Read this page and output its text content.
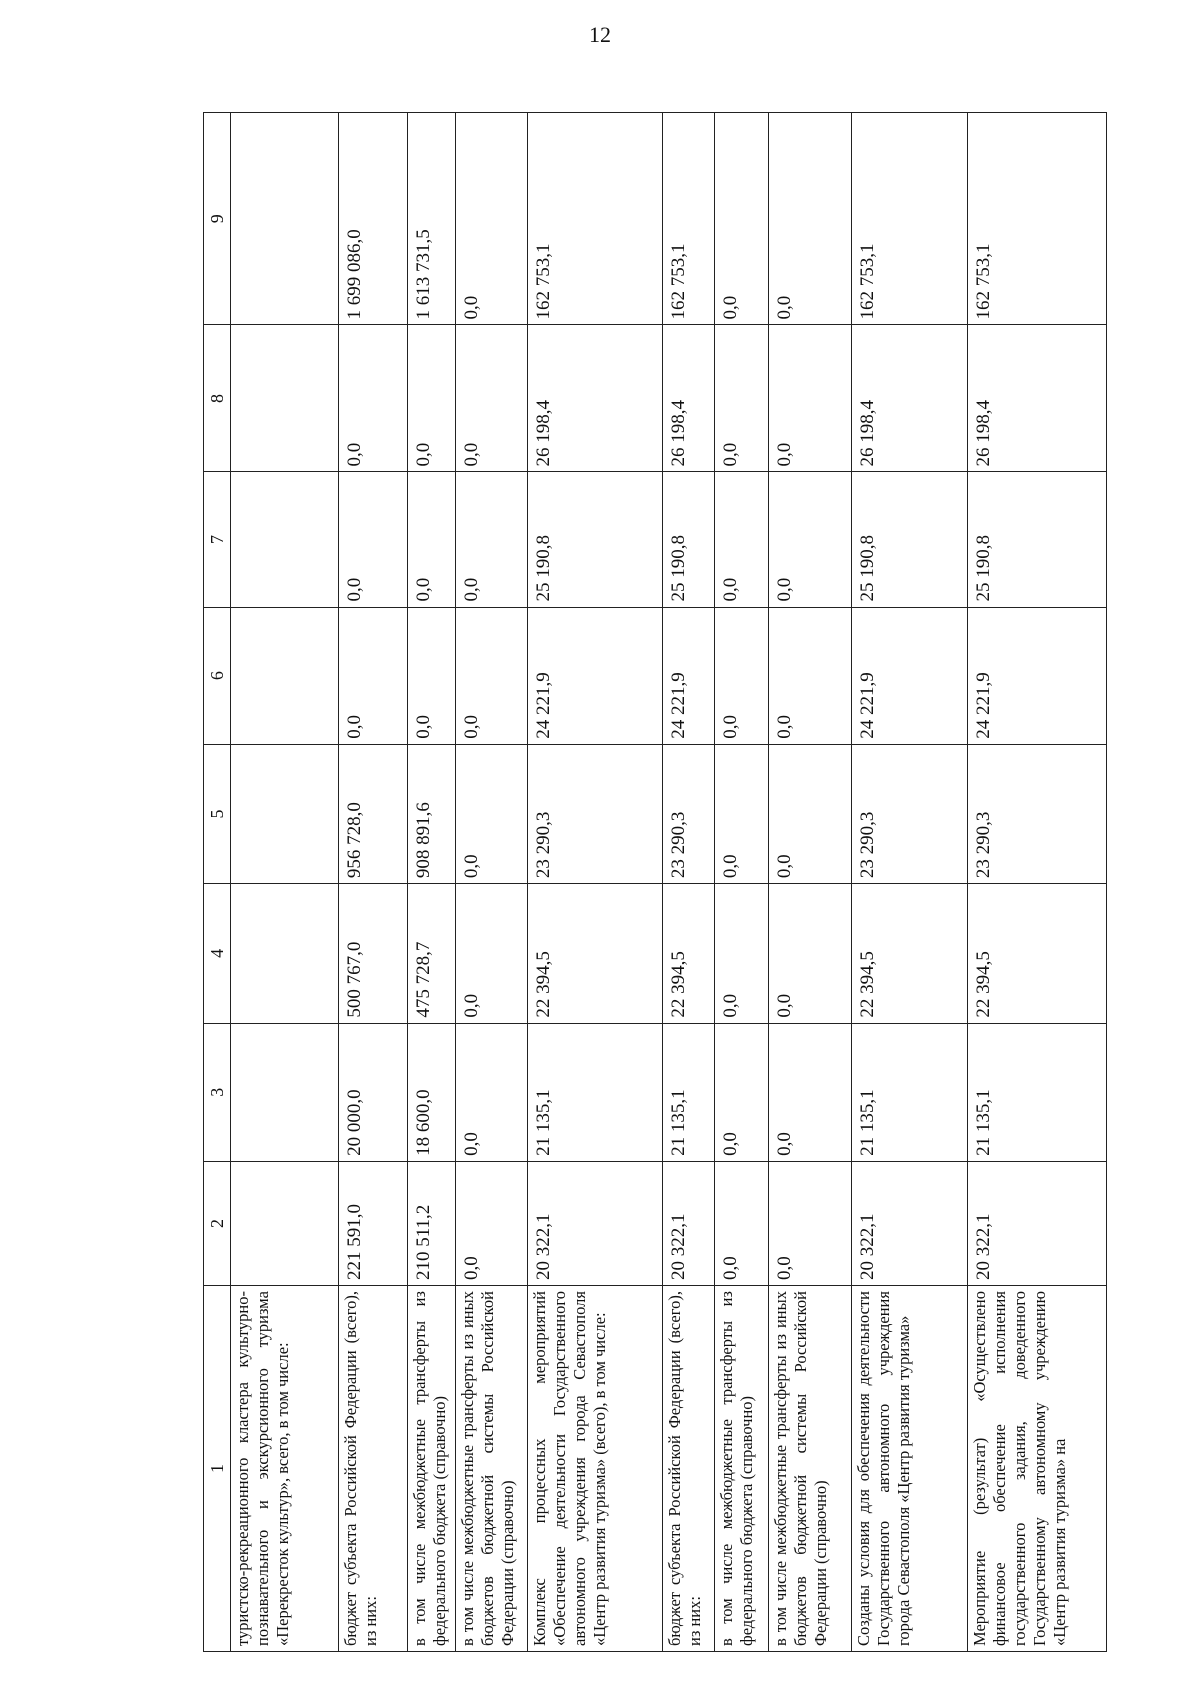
12
1	2	3	4	5	6	7	8	9
туристско-рекреационного кластера культурно-познавательного и экскурсионного туризма «Перекресток культур», всего, в том числе:								
бюджет субъекта Российской Федерации (всего), из них:	221 591,0	20 000,0	500 767,0	956 728,0	0,0	0,0	0,0	1 699 086,0
в том числе межбюджетные трансферты из федерального бюджета (справочно)	210 511,2	18 600,0	475 728,7	908 891,6	0,0	0,0	0,0	1 613 731,5
в том числе межбюджетные трансферты из иных бюджетов бюджетной системы Российской Федерации (справочно)	0,0	0,0	0,0	0,0	0,0	0,0	0,0	0,0
Комплекс процессных мероприятий «Обеспечение деятельности Государственного автономного учреждения города Севастополя «Центр развития туризма» (всего), в том числе:	20 322,1	21 135,1	22 394,5	23 290,3	24 221,9	25 190,8	26 198,4	162 753,1
бюджет субъекта Российской Федерации (всего), из них:	20 322,1	21 135,1	22 394,5	23 290,3	24 221,9	25 190,8	26 198,4	162 753,1
в том числе межбюджетные трансферты из федерального бюджета (справочно)	0,0	0,0	0,0	0,0	0,0	0,0	0,0	0,0
в том числе межбюджетные трансферты из иных бюджетов бюджетной системы Российской Федерации (справочно)	0,0	0,0	0,0	0,0	0,0	0,0	0,0	0,0
Созданы условия для обеспечения деятельности Государственного автономного учреждения города Севастополя «Центр развития туризма»	20 322,1	21 135,1	22 394,5	23 290,3	24 221,9	25 190,8	26 198,4	162 753,1
Мероприятие (результат) «Осуществлено финансовое обеспечение исполнения государственного задания, доведенного Государственному автономному учреждению «Центр развития туризма» на	20 322,1	21 135,1	22 394,5	23 290,3	24 221,9	25 190,8	26 198,4	162 753,1
